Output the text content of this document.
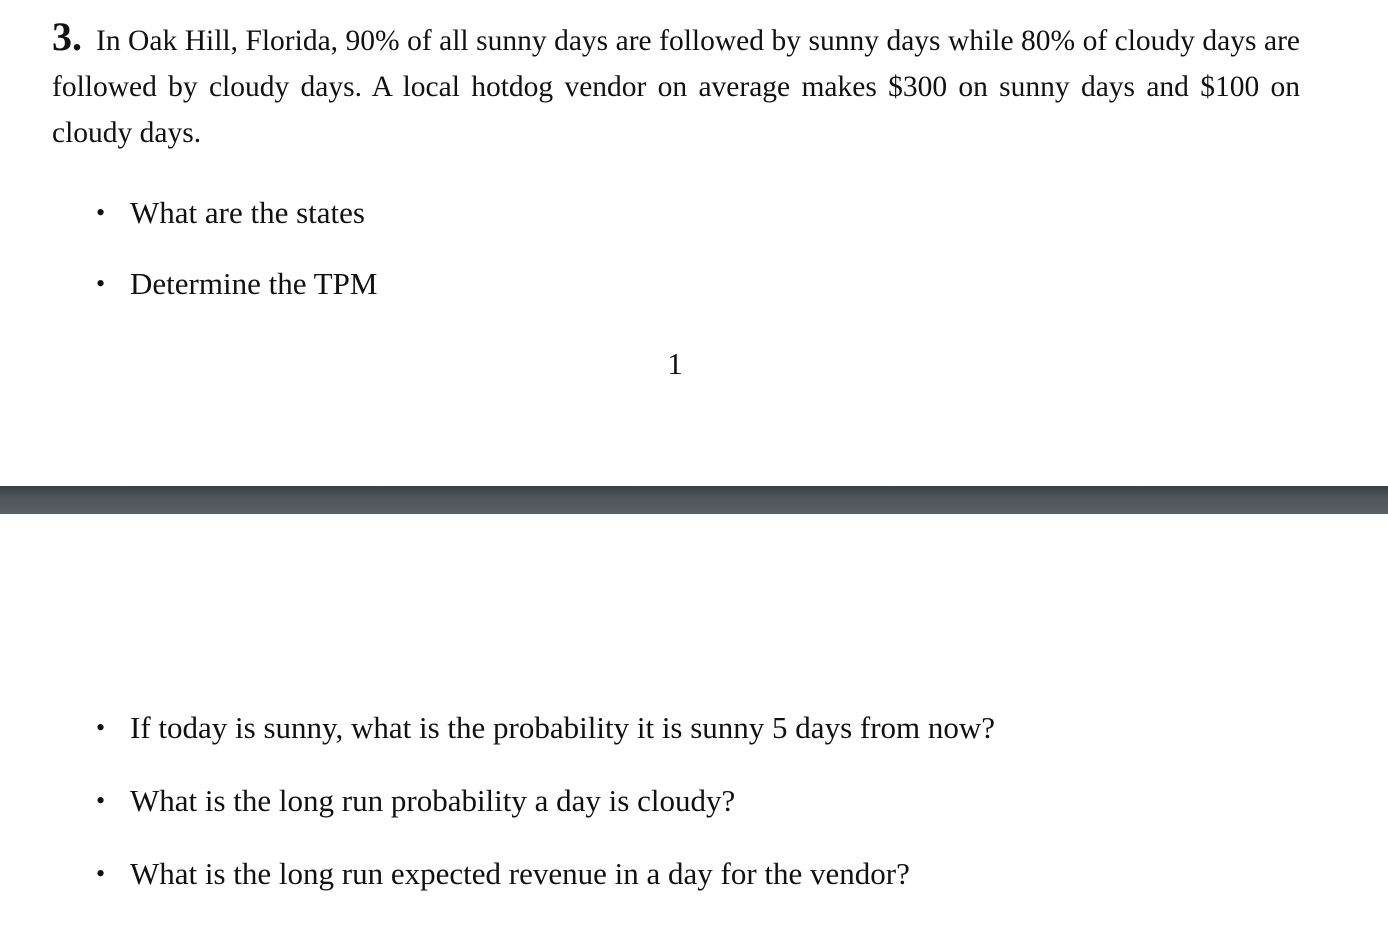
3. In Oak Hill, Florida, 90% of all sunny days are followed by sunny days while 80% of cloudy days are followed by cloudy days. A local hotdog vendor on average makes $300 on sunny days and $100 on cloudy days.
• What are the states
• Determine the TPM
1
• If today is sunny, what is the probability it is sunny 5 days from now?
• What is the long run probability a day is cloudy?
• What is the long run expected revenue in a day for the vendor?
